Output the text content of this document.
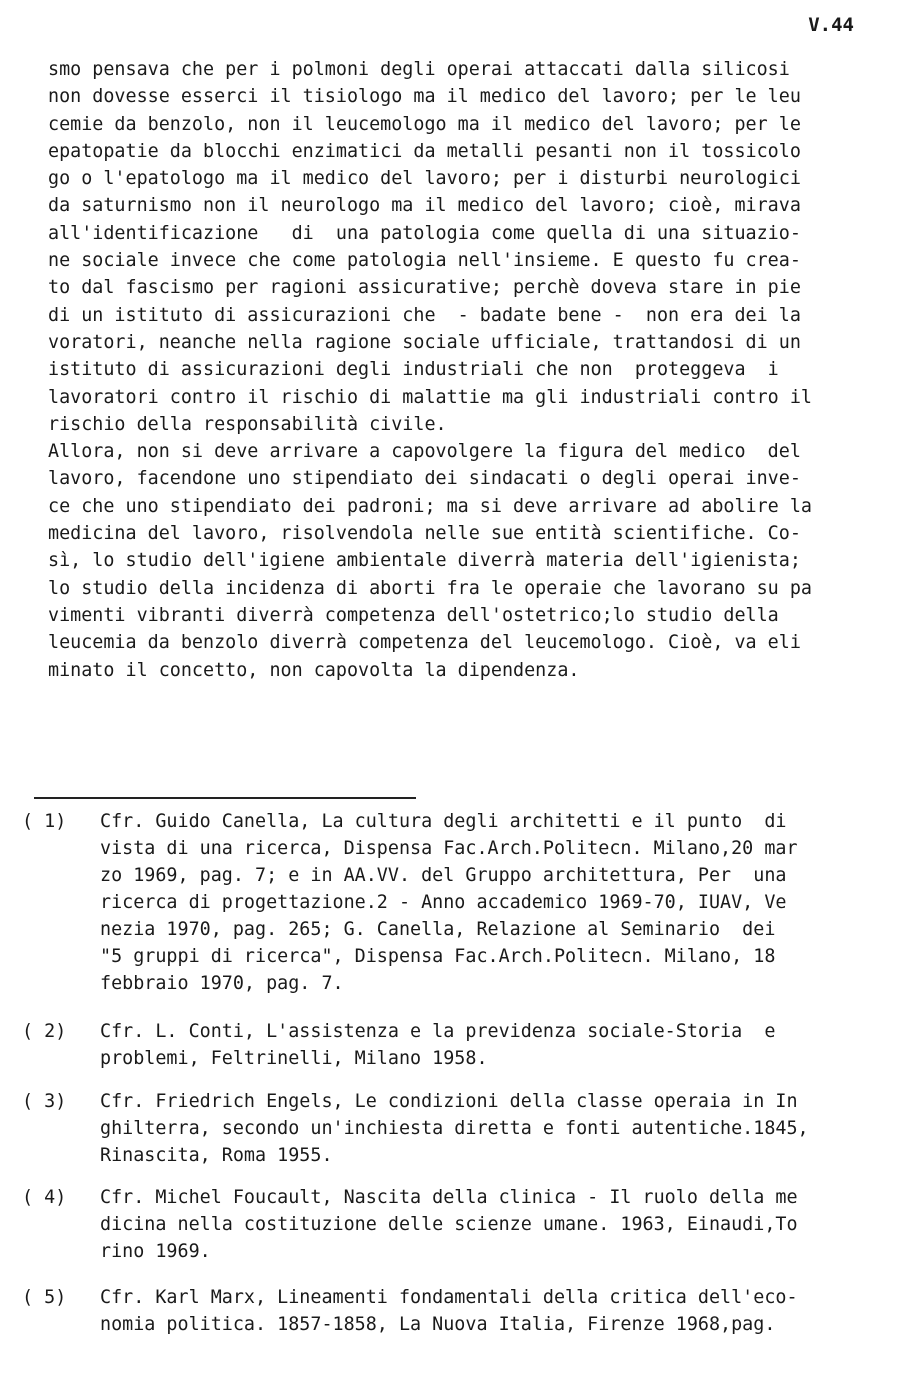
V.44
smo pensava che per i polmoni degli operai attaccati dalla silicosi
non dovesse esserci il tisiologo ma il medico del lavoro; per le leu
cemie da benzolo, non il leucemologo ma il medico del lavoro; per le
epatopatie da blocchi enzimatici da metalli pesanti non il tossicolo
go o l'epatologo ma il medico del lavoro; per i disturbi neurologici
da saturnismo non il neurologo ma il medico del lavoro; cioè, mirava
all'identificazione   di  una patologia come quella di una situazio-
ne sociale invece che come patologia nell'insieme. E questo fu crea-
to dal fascismo per ragioni assicurative; perchè doveva stare in pie
di un istituto di assicurazioni che  - badate bene -  non era dei la
voratori, neanche nella ragione sociale ufficiale, trattandosi di un
istituto di assicurazioni degli industriali che non  proteggeva  i
lavoratori contro il rischio di malattie ma gli industriali contro il
rischio della responsabilità civile.
Allora, non si deve arrivare a capovolgere la figura del medico  del
lavoro, facendone uno stipendiato dei sindacati o degli operai inve-
ce che uno stipendiato dei padroni; ma si deve arrivare ad abolire la
medicina del lavoro, risolvendola nelle sue entità scientifiche. Co-
sì, lo studio dell'igiene ambientale diverrà materia dell'igienista;
lo studio della incidenza di aborti fra le operaie che lavorano su pa
vimenti vibranti diverrà competenza dell'ostetrico;lo studio della
leucemia da benzolo diverrà competenza del leucemologo. Cioè, va eli
minato il concetto, non capovolta la dipendenza.
( 1) Cfr. Guido Canella, La cultura degli architetti e il punto  di
vista di una ricerca, Dispensa Fac.Arch.Politecn. Milano,20 mar
zo 1969, pag. 7; e in AA.VV. del Gruppo architettura, Per  una
ricerca di progettazione.2 - Anno accademico 1969-70, IUAV, Ve
nezia 1970, pag. 265; G. Canella, Relazione al Seminario  dei
"5 gruppi di ricerca", Dispensa Fac.Arch.Politecn. Milano, 18
febbraio 1970, pag. 7.
( 2) Cfr. L. Conti, L'assistenza e la previdenza sociale-Storia  e
problemi, Feltrinelli, Milano 1958.
( 3) Cfr. Friedrich Engels, Le condizioni della classe operaia in In
ghilterra, secondo un'inchiesta diretta e fonti autentiche.1845,
Rinascita, Roma 1955.
( 4) Cfr. Michel Foucault, Nascita della clinica - Il ruolo della me
dicina nella costituzione delle scienze umane. 1963, Einaudi,To
rino 1969.
( 5) Cfr. Karl Marx, Lineamenti fondamentali della critica dell'eco-
nomia politica. 1857-1858, La Nuova Italia, Firenze 1968,pag.
